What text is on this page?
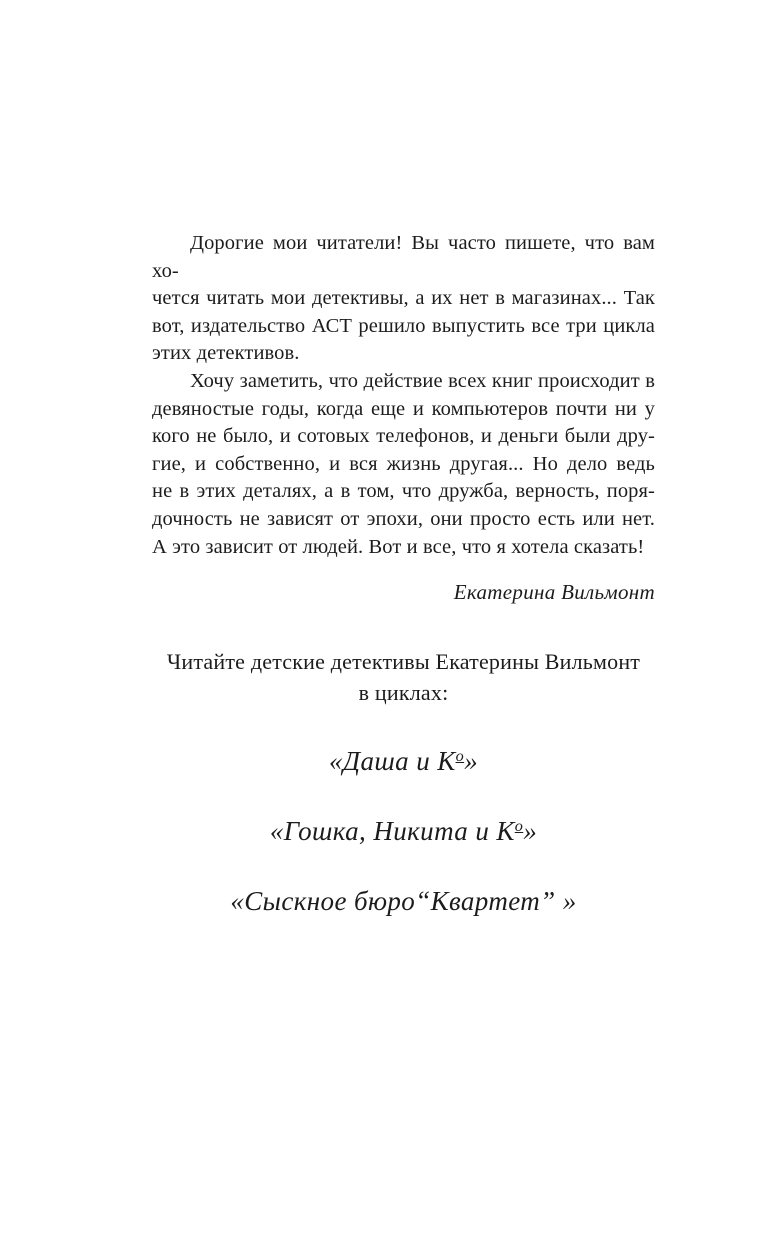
Дорогие мои читатели! Вы часто пишете, что вам хо-
чется читать мои детективы, а их нет в магазинах... Так
вот, издательство АСТ решило выпустить все три цикла
этих детективов.
Хочу заметить, что действие всех книг происходит в
девяностые годы, когда еще и компьютеров почти ни у
кого не было, и сотовых телефонов, и деньги были дру-
гие, и собственно, и вся жизнь другая... Но дело ведь
не в этих деталях, а в том, что дружба, верность, поря-
дочность не зависят от эпохи, они просто есть или нет.
А это зависит от людей. Вот и все, что я хотела сказать!
Екатерина Вильмонт
Читайте детские детективы Екатерины Вильмонт
в циклах:
«Даша и Ко»
«Гошка, Никита и Ко»
«Сыскное бюро“Квартет” »
